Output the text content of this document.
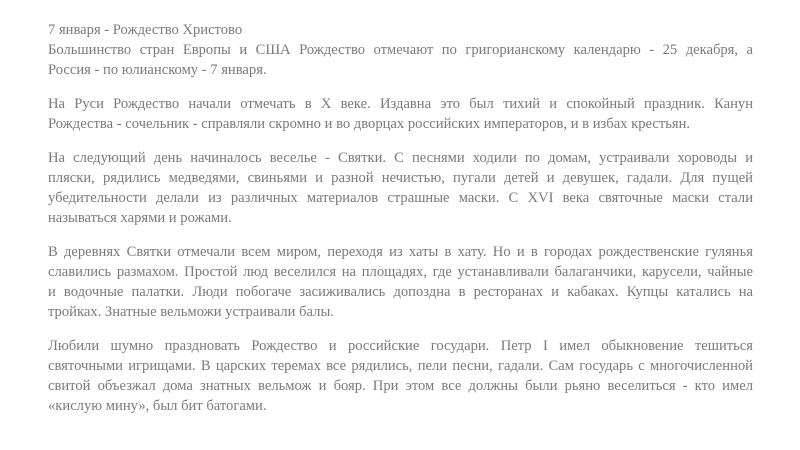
7 января - Рождество Христово
Большинство стран Европы и США Рождество отмечают по григорианскому календарю - 25 декабря, а
Россия - по юлианскому - 7 января.
На Руси Рождество начали отмечать в X веке. Издавна это был тихий и спокойный праздник. Канун
Рождества - сочельник - справляли скромно и во дворцах российских императоров, и в избах крестьян.
На следующий день начиналось веселье - Святки. С песнями ходили по домам, устраивали хороводы и
пляски, рядились медведями, свиньями и разной нечистью, пугали детей и девушек, гадали. Для пущей
убедительности делали из различных материалов страшные маски. С XVI века святочные маски стали
называться харями и рожами.
В деревнях Святки отмечали всем миром, переходя из хаты в хату. Но и в городах рождественские гулянья
славились размахом. Простой люд веселился на площадях, где устанавливали балаганчики, карусели, чайные
и водочные палатки. Люди побогаче засиживались допоздна в ресторанах и кабаках. Купцы катались на
тройках. Знатные вельможи устраивали балы.
Любили шумно праздновать Рождество и российские государи. Петр I имел обыкновение тешиться
святочными игрищами. В царских теремах все рядились, пели песни, гадали. Сам государь с многочисленной
свитой объезжал дома знатных вельмож и бояр. При этом все должны были рьяно веселиться - кто имел
«кислую мину», был бит батогами.
